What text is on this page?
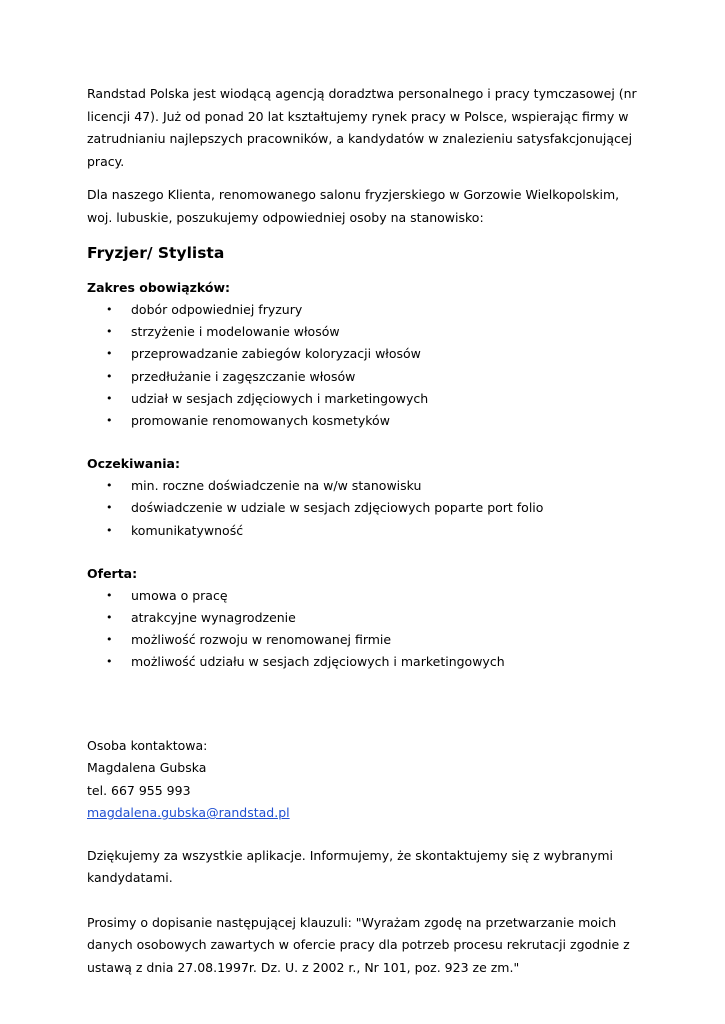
Randstad Polska jest wiodącą agencją doradztwa personalnego i pracy tymczasowej (nr licencji 47). Już od ponad 20 lat kształtujemy rynek pracy w Polsce, wspierając firmy w zatrudnianiu najlepszych pracowników, a kandydatów w znalezieniu satysfakcjonującej pracy.

Dla naszego Klienta, renomowanego salonu fryzjerskiego w Gorzowie Wielkopolskim, woj. lubuskie, poszukujemy odpowiedniej osoby na stanowisko:

Fryzjer/ Stylista
Zakres obowiązków:
• dobór odpowiedniej fryzury
• strzyżenie i modelowanie włosów
• przeprowadzanie zabiegów koloryzacji włosów
• przedłużanie i zagęszczanie włosów
• udział w sesjach zdjęciowych i marketingowych
• promowanie renomowanych kosmetyków
Oczekiwania:
• min. roczne doświadczenie na w/w stanowisku
• doświadczenie w udziale w sesjach zdjęciowych poparte port folio
• komunikatywność
Oferta:
• umowa o pracę
• atrakcyjne wynagrodzenie
• możliwość rozwoju w renomowanej firmie
• możliwość udziału w sesjach zdjęciowych i marketingowych

Osoba kontaktowa:

Magdalena Gubska

tel. 667 955 993

magdalena.gubska@randstad.pl

Dziękujemy za wszystkie aplikacje. Informujemy, że skontaktujemy się z wybranymi kandydatami.

Prosimy o dopisanie następującej klauzuli: "Wyrażam zgodę na przetwarzanie moich danych osobowych zawartych w ofercie pracy dla potrzeb procesu rekrutacji zgodnie z ustawą z dnia 27.08.1997r. Dz. U. z 2002 r., Nr 101, poz. 923 ze zm."
